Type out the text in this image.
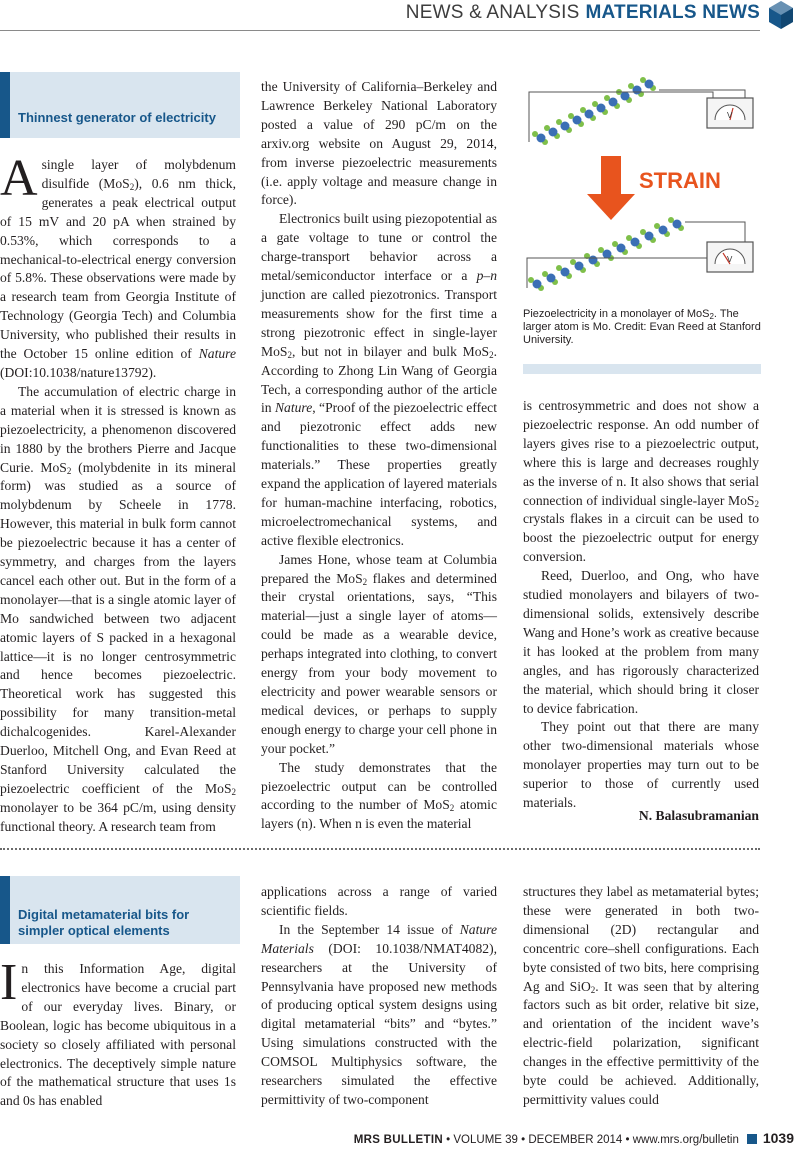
NEWS & ANALYSIS MATERIALS NEWS
Thinnest generator of electricity

Asingle layer of molybdenum disulfide (MoS$_2$), 0.6 nm thick, generates a peak electrical output of 15 mV and 20 pA when strained by 0.53%, which corresponds to a mechanical-to-electrical energy conversion of 5.8%. These observations were made by a research team from Georgia Institute of Technology (Georgia Tech) and Columbia University, who published their results in the October 15 online edition of Nature (DOI:10.1038/nature13792).

The accumulation of electric charge in a material when it is stressed is known as piezoelectricity, a phenomenon discovered in 1880 by the brothers Pierre and Jacque Curie. MoS$_2$ (molybdenite in its mineral form) was studied as a source of molybdenum by Scheele in 1778. However, this material in bulk form cannot be piezoelectric because it has a center of symmetry, and charges from the layers cancel each other out. But in the form of a monolayer—that is a single atomic layer of Mo sandwiched between two adjacent atomic layers of S packed in a hexagonal lattice—it is no longer centrosymmetric and hence becomes piezoelectric. Theoretical work has suggested this possibility for many transition-metal dichalcogenides. Karel-Alexander Duerloo, Mitchell Ong, and Evan Reed at Stanford University calculated the piezoelectric coefficient of the MoS$_2$ monolayer to be 364 pC/m, using density functional theory. A research team from

the University of California–Berkeley and Lawrence Berkeley National Laboratory posted a value of 290 pC/m on the arxiv.org website on August 29, 2014, from inverse piezoelectric measurements (i.e. apply voltage and measure change in force).

Electronics built using piezopotential as a gate voltage to tune or control the charge-transport behavior across a metal/semiconductor interface or a p–n junction are called piezotronics. Transport measurements show for the first time a strong piezotronic effect in single-layer MoS$_2$, but not in bilayer and bulk MoS$_2$. According to Zhong Lin Wang of Georgia Tech, a corresponding author of the article in Nature, “Proof of the piezoelectric effect and piezotronic effect adds new functionalities to these two-dimensional materials.” These properties greatly expand the application of layered materials for human-machine interfacing, robotics, microelectromechanical systems, and active flexible electronics.

James Hone, whose team at Columbia prepared the MoS$_2$ flakes and determined their crystal orientations, says, “This material—just a single layer of atoms—could be made as a wearable device, perhaps integrated into clothing, to convert energy from your body movement to electricity and power wearable sensors or medical devices, or perhaps to supply enough energy to charge your cell phone in your pocket.”

The study demonstrates that the piezoelectric output can be controlled according to the number of MoS$_2$ atomic layers (n). When n is even the material

V
STRAIN
V
Piezoelectricity in a monolayer of MoS$_2$. The larger atom is Mo. Credit: Evan Reed at Stanford University.

is centrosymmetric and does not show a piezoelectric response. An odd number of layers gives rise to a piezoelectric output, where this is large and decreases roughly as the inverse of n. It also shows that serial connection of individual single-layer MoS$_2$ crystals flakes in a circuit can be used to boost the piezoelectric output for energy conversion.

Reed, Duerloo, and Ong, who have studied monolayers and bilayers of two-dimensional solids, extensively describe Wang and Hone’s work as creative because it has looked at the problem from many angles, and has rigorously characterized the material, which should bring it closer to device fabrication.

They point out that there are many other two-dimensional materials whose monolayer properties may turn out to be superior to those of currently used materials.

N. Balasubramanian
Digital metamaterial bits for
simpler optical elements

In this Information Age, digital electronics have become a crucial part of our everyday lives. Binary, or Boolean, logic has become ubiquitous in a society so closely affiliated with personal electronics. The deceptively simple nature of the mathematical structure that uses 1s and 0s has enabled

applications across a range of varied scientific fields.

In the September 14 issue of Nature Materials (DOI: 10.1038/NMAT4082), researchers at the University of Pennsylvania have proposed new methods of producing optical system designs using digital metamaterial “bits” and “bytes.” Using simulations constructed with the COMSOL Multiphysics software, the researchers simulated the effective permittivity of two-component

structures they label as metamaterial bytes; these were generated in both two-dimensional (2D) rectangular and concentric core–shell configurations. Each byte consisted of two bits, here comprising Ag and SiO$_2$. It was seen that by altering factors such as bit order, relative bit size, and orientation of the incident wave’s electric-field polarization, significant changes in the effective permittivity of the byte could be achieved. Additionally, permittivity values could

MRS BULLETIN • VOLUME 39 • DECEMBER 2014 • www.mrs.org/bulletin 1039
